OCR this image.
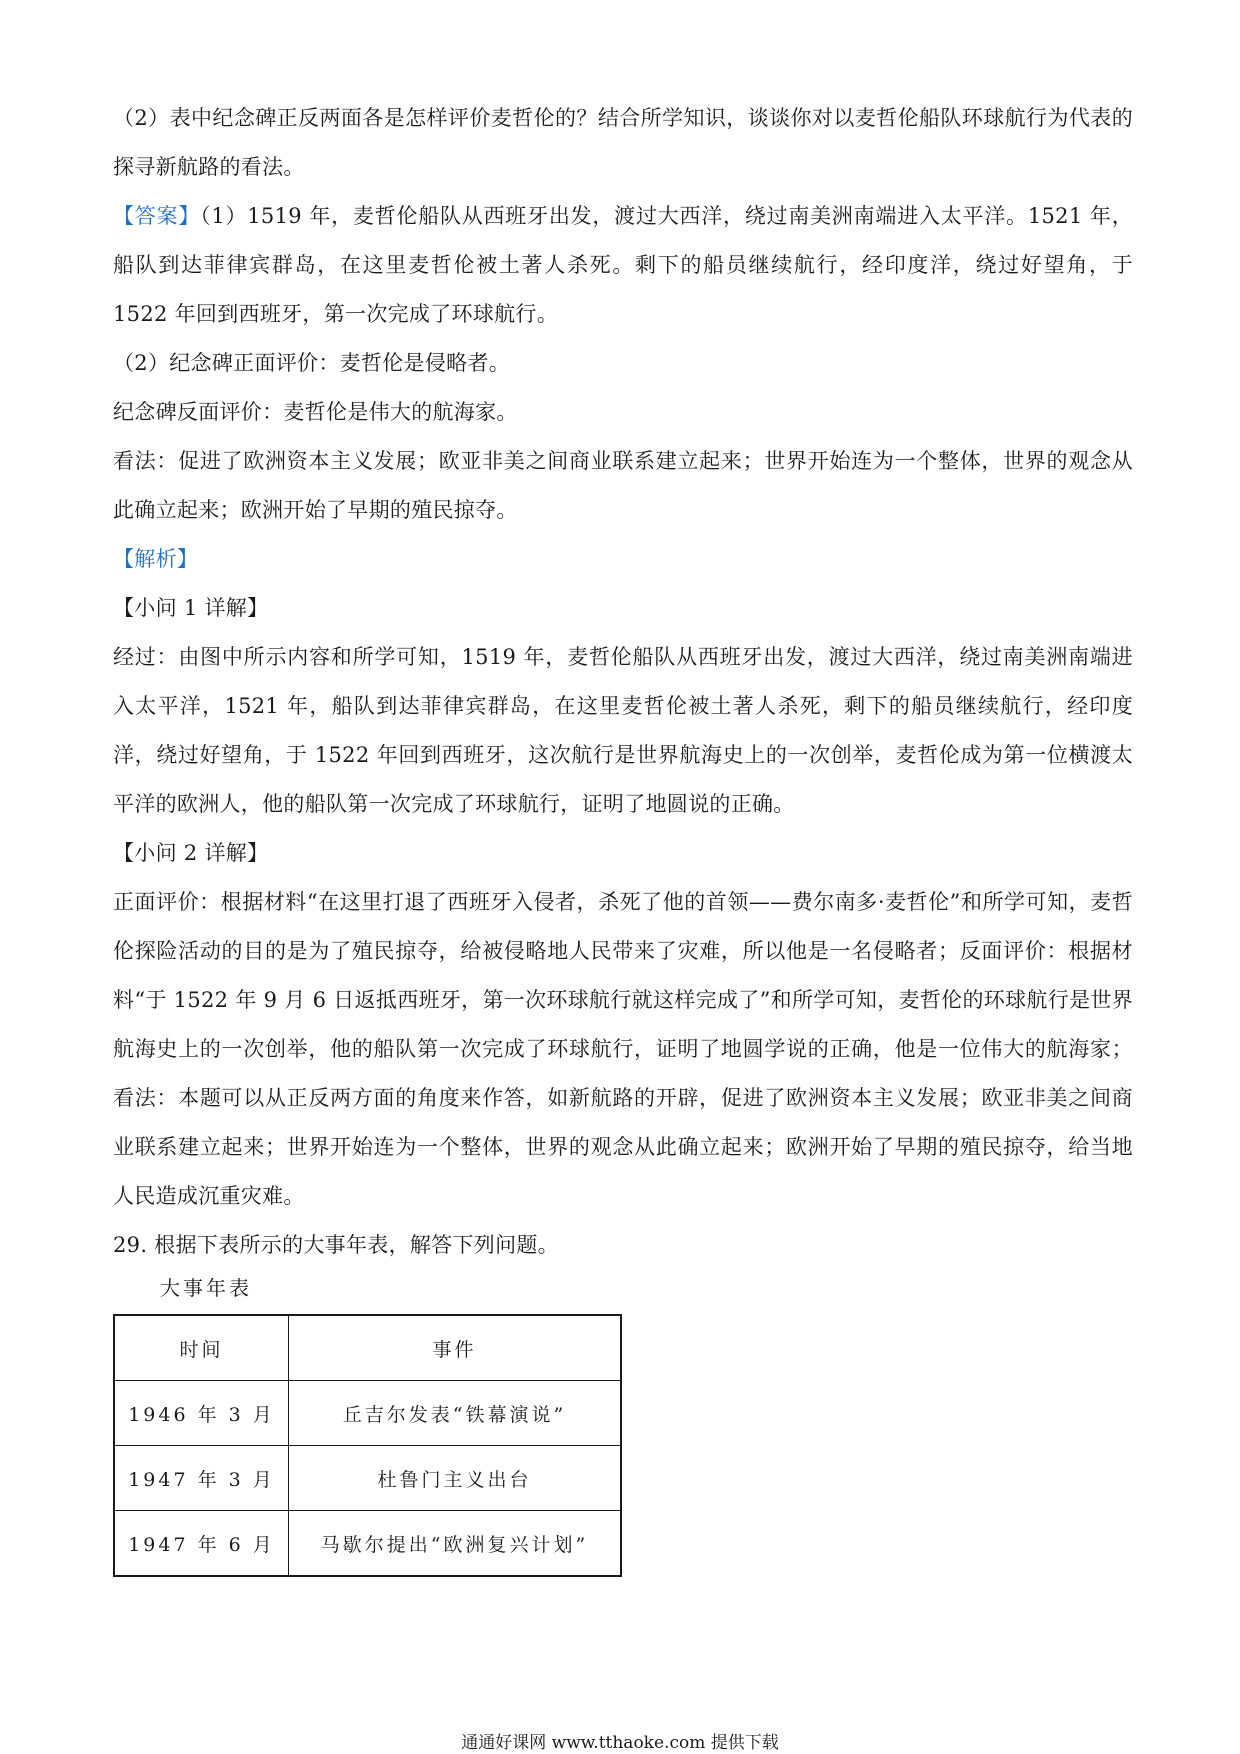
（2）表中纪念碑正反两面各是怎样评价麦哲伦的？结合所学知识，谈谈你对以麦哲伦船队环球航行为代表的探寻新航路的看法。

【答案】（1）1519 年，麦哲伦船队从西班牙出发，渡过大西洋，绕过南美洲南端进入太平洋。1521 年，船队到达菲律宾群岛，在这里麦哲伦被土著人杀死。剩下的船员继续航行，经印度洋，绕过好望角，于 1522 年回到西班牙，第一次完成了环球航行。

（2）纪念碑正面评价：麦哲伦是侵略者。

纪念碑反面评价：麦哲伦是伟大的航海家。

看法：促进了欧洲资本主义发展；欧亚非美之间商业联系建立起来；世界开始连为一个整体，世界的观念从此确立起来；欧洲开始了早期的殖民掠夺。

【解析】

【小问 1 详解】

经过：由图中所示内容和所学可知，1519 年，麦哲伦船队从西班牙出发，渡过大西洋，绕过南美洲南端进入太平洋，1521 年，船队到达菲律宾群岛，在这里麦哲伦被土著人杀死，剩下的船员继续航行，经印度洋，绕过好望角，于 1522 年回到西班牙，这次航行是世界航海史上的一次创举，麦哲伦成为第一位横渡太平洋的欧洲人，他的船队第一次完成了环球航行，证明了地圆说的正确。

【小问 2 详解】

正面评价：根据材料“在这里打退了西班牙入侵者，杀死了他的首领——费尔南多·麦哲伦”和所学可知，麦哲伦探险活动的目的是为了殖民掠夺，给被侵略地人民带来了灾难，所以他是一名侵略者；反面评价：根据材料“于 1522 年 9 月 6 日返抵西班牙，第一次环球航行就这样完成了”和所学可知，麦哲伦的环球航行是世界航海史上的一次创举，他的船队第一次完成了环球航行，证明了地圆学说的正确，他是一位伟大的航海家；看法：本题可以从正反两方面的角度来作答，如新航路的开辟，促进了欧洲资本主义发展；欧亚非美之间商业联系建立起来；世界开始连为一个整体，世界的观念从此确立起来；欧洲开始了早期的殖民掠夺，给当地人民造成沉重灾难。

29. 根据下表所示的大事年表，解答下列问题。

大事年表

时间	事件
1946 年 3 月	丘吉尔发表“铁幕演说”
1947 年 3 月	杜鲁门主义出台
1947 年 6 月	马歇尔提出“欧洲复兴计划”

通通好课网 www.tthaoke.com 提供下载
